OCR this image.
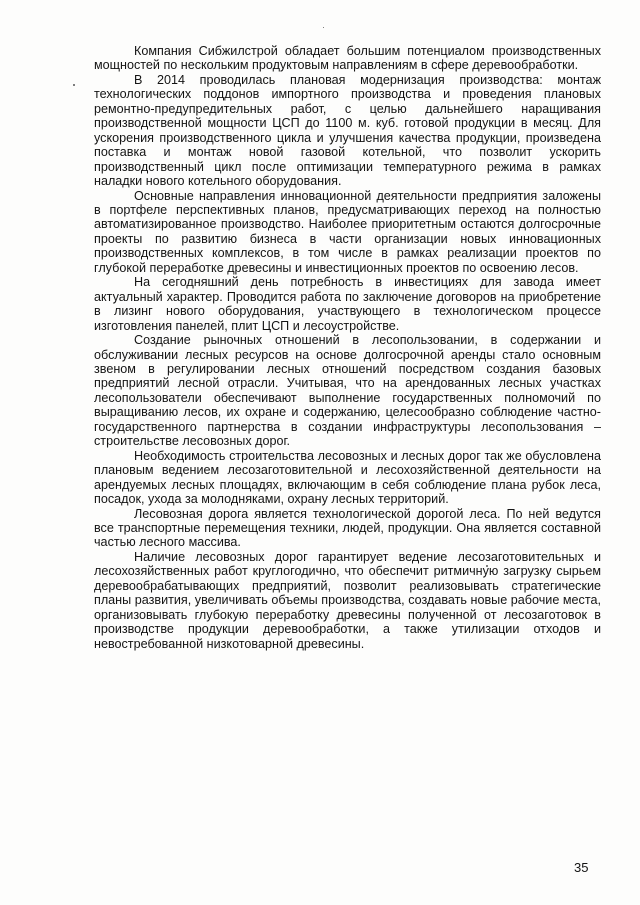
Компания Сибжилстрой обладает большим потенциалом производственных мощностей по нескольким продуктовым направлениям в сфере деревообработки.

В 2014 проводилась плановая модернизация производства: монтаж технологических поддонов импортного производства и проведения плановых ремонтно-предупредительных работ, с целью дальнейшего наращивания производственной мощности ЦСП до 1100 м. куб. готовой продукции в месяц. Для ускорения производственного цикла и улучшения качества продукции, произведена поставка и монтаж новой газовой котельной, что позволит ускорить производственный цикл после оптимизации температурного режима в рамках наладки нового котельного оборудования.

Основные направления инновационной деятельности предприятия заложены в портфеле перспективных планов, предусматривающих переход на полностью автоматизированное производство. Наиболее приоритетным остаются долгосрочные проекты по развитию бизнеса в части организации новых инновационных производственных комплексов, в том числе в рамках реализации проектов по глубокой переработке древесины и инвестиционных проектов по освоению лесов.

На сегодняшний день потребность в инвестициях для завода имеет актуальный характер. Проводится работа по заключение договоров на приобретение в лизинг нового оборудования, участвующего в технологическом процессе изготовления панелей, плит ЦСП и лесоустройстве.

Создание рыночных отношений в лесопользовании, в содержании и обслуживании лесных ресурсов на основе долгосрочной аренды стало основным звеном в регулировании лесных отношений посредством создания базовых предприятий лесной отрасли. Учитывая, что на арендованных лесных участках лесопользователи обеспечивают выполнение государственных полномочий по выращиванию лесов, их охране и содержанию, целесообразно соблюдение частно-государственного партнерства в создании инфраструктуры лесопользования – строительстве лесовозных дорог.

Необходимость строительства лесовозных и лесных дорог так же обусловлена плановым ведением лесозаготовительной и лесохозяйственной деятельности на арендуемых лесных площадях, включающим в себя соблюдение плана рубок леса, посадок, ухода за молодняками, охрану лесных территорий.

Лесовозная дорога является технологической дорогой леса. По ней ведутся все транспортные перемещения техники, людей, продукции. Она является составной частью лесного массива.

Наличие лесовозных дорог гарантирует ведение лесозаготовительных и лесохозяйственных работ круглогодично, что обеспечит ритмичную загрузку сырьем деревообрабатывающих предприятий, позволит реализовывать стратегические планы развития, увеличивать объемы производства, создавать новые рабочие места, организовывать глубокую переработку древесины полученной от лесозаготовок в производстве продукции деревообработки, а также утилизации отходов и невостребованной низкотоварной древесины.

35
